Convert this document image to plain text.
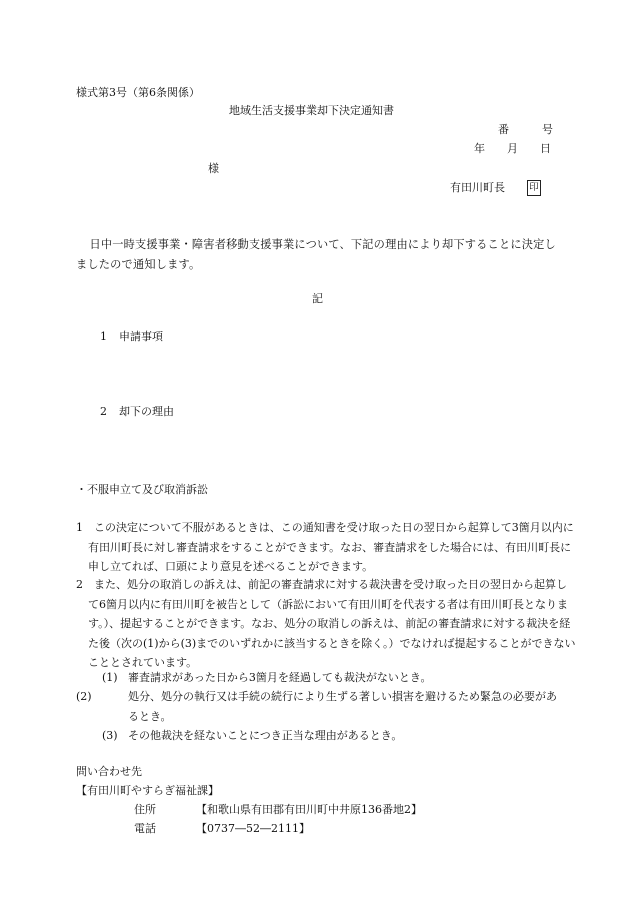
様式第3号（第6条関係）
地域生活支援事業却下決定通知書
番　　　号
年　　月　　日
様
有田川町長	印
日中一時支援事業・障害者移動支援事業について、下記の理由により却下することに決定しましたので通知します。
記
1 申請事項
2 却下の理由
・不服申立て及び取消訴訟
1　この決定について不服があるときは、この通知書を受け取った日の翌日から起算して3箇月以内に有田川町長に対し審査請求をすることができます。なお、審査請求をした場合には、有田川町長に申し立てれば、口頭により意見を述べることができます。
2　また、処分の取消しの訴えは、前記の審査請求に対する裁決書を受け取った日の翌日から起算して6箇月以内に有田川町を被告として（訴訟において有田川町を代表する者は有田川町長となります。）、提起することができます。なお、処分の取消しの訴えは、前記の審査請求に対する裁決を経た後（次の(1)から(3)までのいずれかに該当するときを除く。）でなければ提起することができないこととされています。
(1) 審査請求があった日から3箇月を経過しても裁決がないとき。
(2)	処分、処分の執行又は手続の続行により生ずる著しい損害を避けるため緊急の必要があるとき。
(3) その他裁決を経ないことにつき正当な理由があるとき。
問い合わせ先
【有田川町やすらぎ福祉課】
住所	【和歌山県有田郡有田川町中井原136番地2】
電話	【0737―52―2111】
